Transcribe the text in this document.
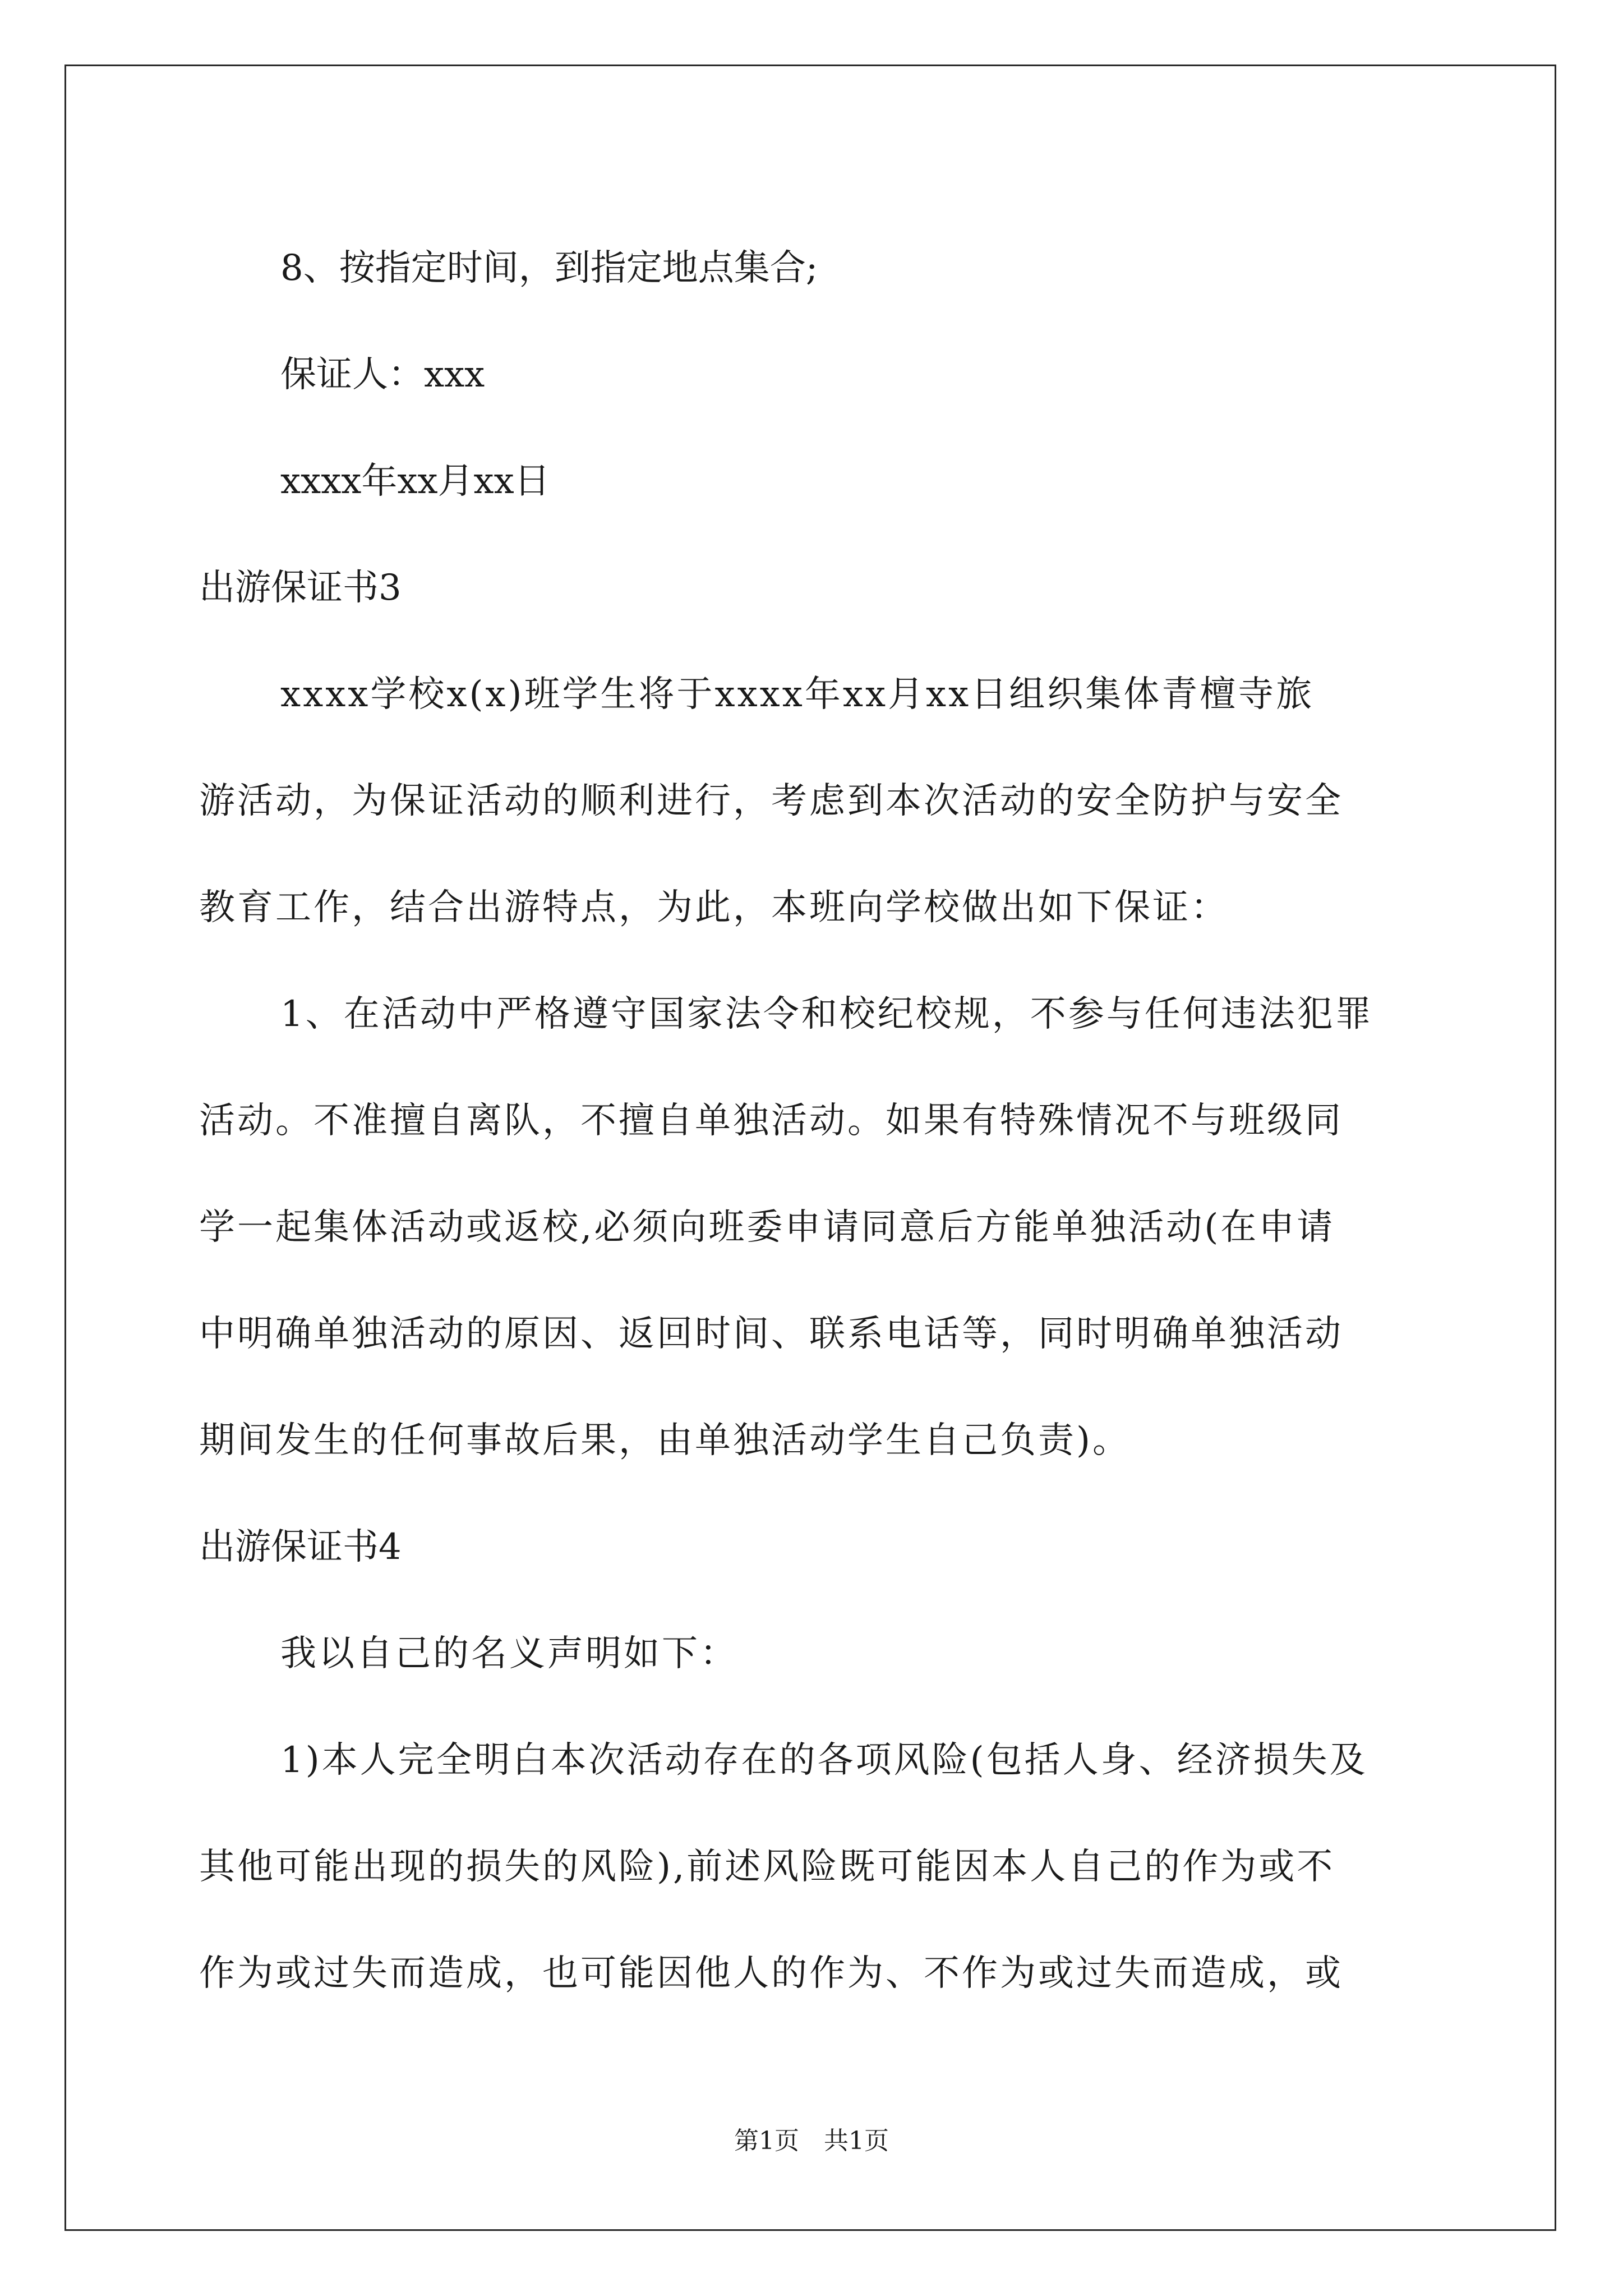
8、按指定时间，到指定地点集合;
保证人：xxx
xxxx年xx月xx日
出游保证书3
xxxx学校x(x)班学生将于xxxx年xx月xx日组织集体青檀寺旅
游活动，为保证活动的顺利进行，考虑到本次活动的安全防护与安全
教育工作，结合出游特点，为此，本班向学校做出如下保证：
1、在活动中严格遵守国家法令和校纪校规，不参与任何违法犯罪
活动。不准擅自离队，不擅自单独活动。如果有特殊情况不与班级同
学一起集体活动或返校,必须向班委申请同意后方能单独活动(在申请
中明确单独活动的原因、返回时间、联系电话等，同时明确单独活动
期间发生的任何事故后果，由单独活动学生自己负责)。
出游保证书4
我以自己的名义声明如下：
1)本人完全明白本次活动存在的各项风险(包括人身、经济损失及
其他可能出现的损失的风险),前述风险既可能因本人自己的作为或不
作为或过失而造成，也可能因他人的作为、不作为或过失而造成，或
第1页　共1页
